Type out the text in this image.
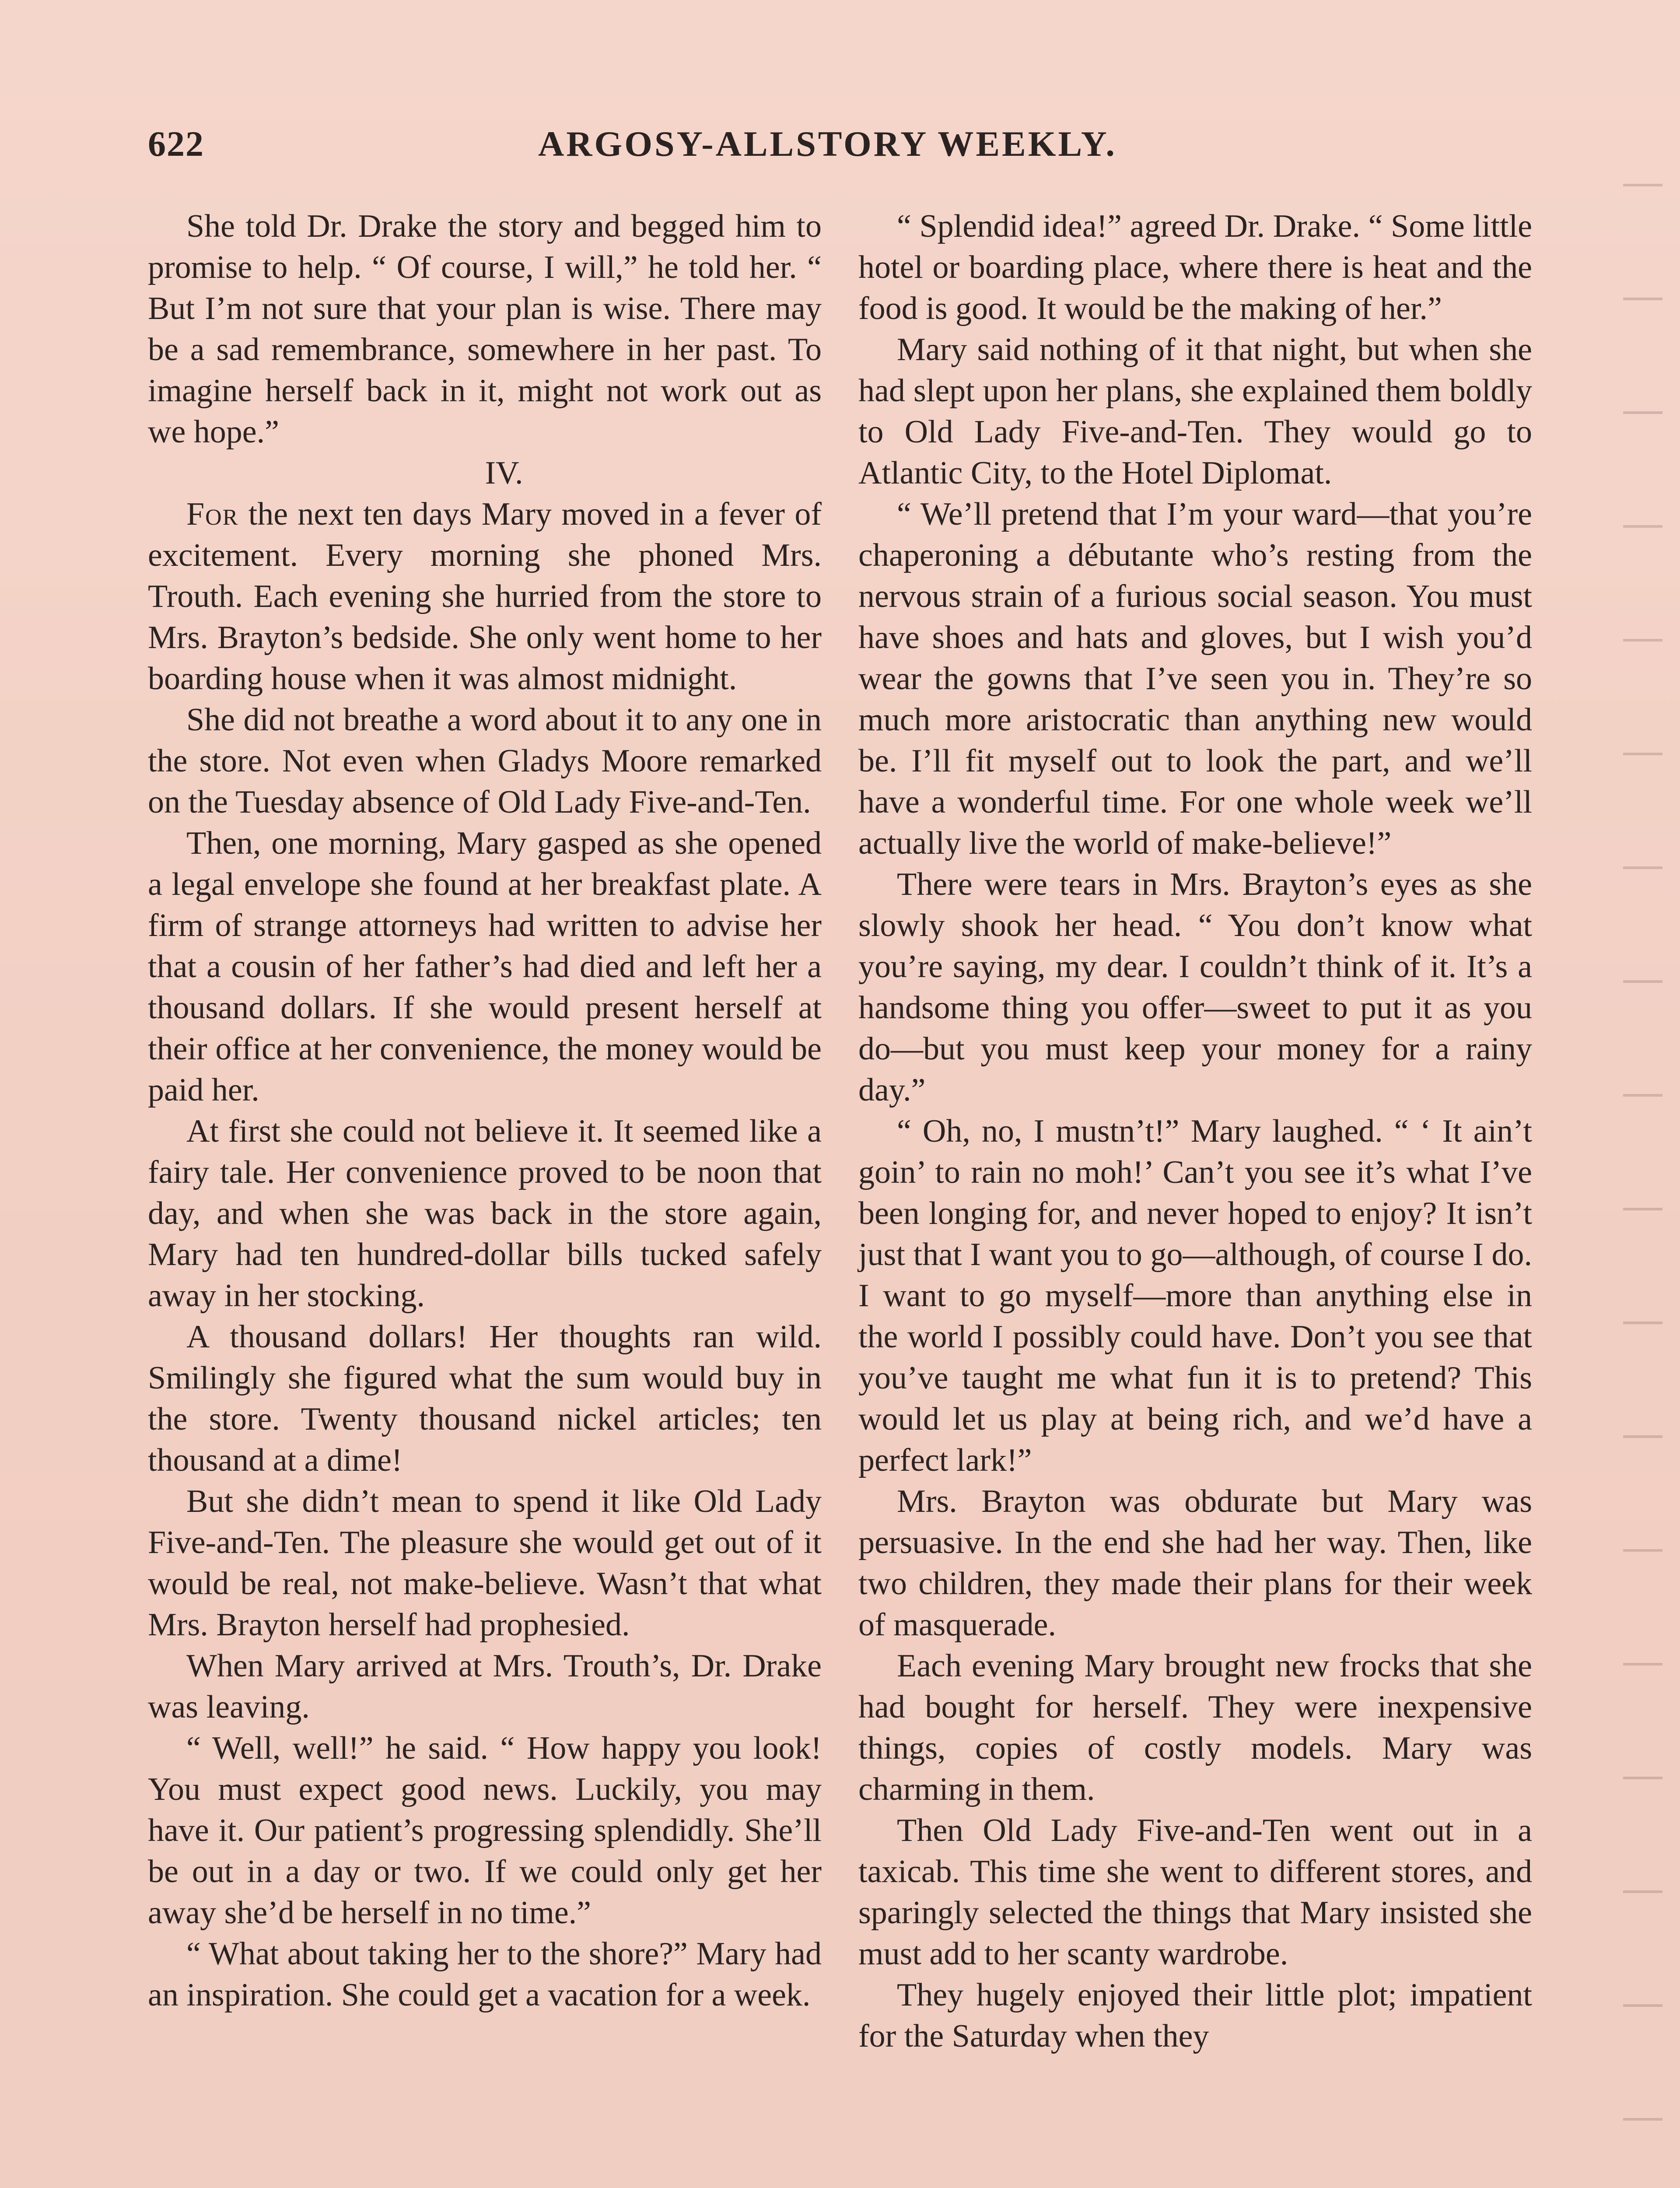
622	ARGOSY-ALLSTORY WEEKLY.

She told Dr. Drake the story and begged him to promise to help. “ Of course, I will,” he told her. “ But I’m not sure that your plan is wise. There may be a sad remembrance, somewhere in her past. To imagine herself back in it, might not work out as we hope.”

IV.

For the next ten days Mary moved in a fever of excitement. Every morning she phoned Mrs. Trouth. Each evening she hurried from the store to Mrs. Brayton’s bedside. She only went home to her boarding house when it was almost midnight.

She did not breathe a word about it to any one in the store. Not even when Gladys Moore remarked on the Tuesday absence of Old Lady Five-and-Ten.

Then, one morning, Mary gasped as she opened a legal envelope she found at her breakfast plate. A firm of strange attorneys had written to advise her that a cousin of her father’s had died and left her a thousand dollars. If she would present herself at their office at her convenience, the money would be paid her.

At first she could not believe it. It seemed like a fairy tale. Her convenience proved to be noon that day, and when she was back in the store again, Mary had ten hundred-dollar bills tucked safely away in her stocking.

A thousand dollars! Her thoughts ran wild. Smilingly she figured what the sum would buy in the store. Twenty thousand nickel articles; ten thousand at a dime!

But she didn’t mean to spend it like Old Lady Five-and-Ten. The pleasure she would get out of it would be real, not make-believe. Wasn’t that what Mrs. Brayton herself had prophesied.

When Mary arrived at Mrs. Trouth’s, Dr. Drake was leaving.

“ Well, well!” he said. “ How happy you look! You must expect good news. Luckily, you may have it. Our patient’s progressing splendidly. She’ll be out in a day or two. If we could only get her away she’d be herself in no time.”

“ What about taking her to the shore?” Mary had an inspiration. She could get a vacation for a week.

“ Splendid idea!” agreed Dr. Drake. “ Some little hotel or boarding place, where there is heat and the food is good. It would be the making of her.”

Mary said nothing of it that night, but when she had slept upon her plans, she explained them boldly to Old Lady Five-and-Ten. They would go to Atlantic City, to the Hotel Diplomat.

“ We’ll pretend that I’m your ward—that you’re chaperoning a débutante who’s resting from the nervous strain of a furious social season. You must have shoes and hats and gloves, but I wish you’d wear the gowns that I’ve seen you in. They’re so much more aristocratic than anything new would be. I’ll fit myself out to look the part, and we’ll have a wonderful time. For one whole week we’ll actually live the world of make-believe!”

There were tears in Mrs. Brayton’s eyes as she slowly shook her head. “ You don’t know what you’re saying, my dear. I couldn’t think of it. It’s a handsome thing you offer—sweet to put it as you do—but you must keep your money for a rainy day.”

“ Oh, no, I mustn’t!” Mary laughed. “ ‘ It ain’t goin’ to rain no moh!’ Can’t you see it’s what I’ve been longing for, and never hoped to enjoy? It isn’t just that I want you to go—although, of course I do. I want to go myself—more than anything else in the world I possibly could have. Don’t you see that you’ve taught me what fun it is to pretend? This would let us play at being rich, and we’d have a perfect lark!”

Mrs. Brayton was obdurate but Mary was persuasive. In the end she had her way. Then, like two children, they made their plans for their week of masquerade.

Each evening Mary brought new frocks that she had bought for herself. They were inexpensive things, copies of costly models. Mary was charming in them.

Then Old Lady Five-and-Ten went out in a taxicab. This time she went to different stores, and sparingly selected the things that Mary insisted she must add to her scanty wardrobe.

They hugely enjoyed their little plot; impatient for the Saturday when they
